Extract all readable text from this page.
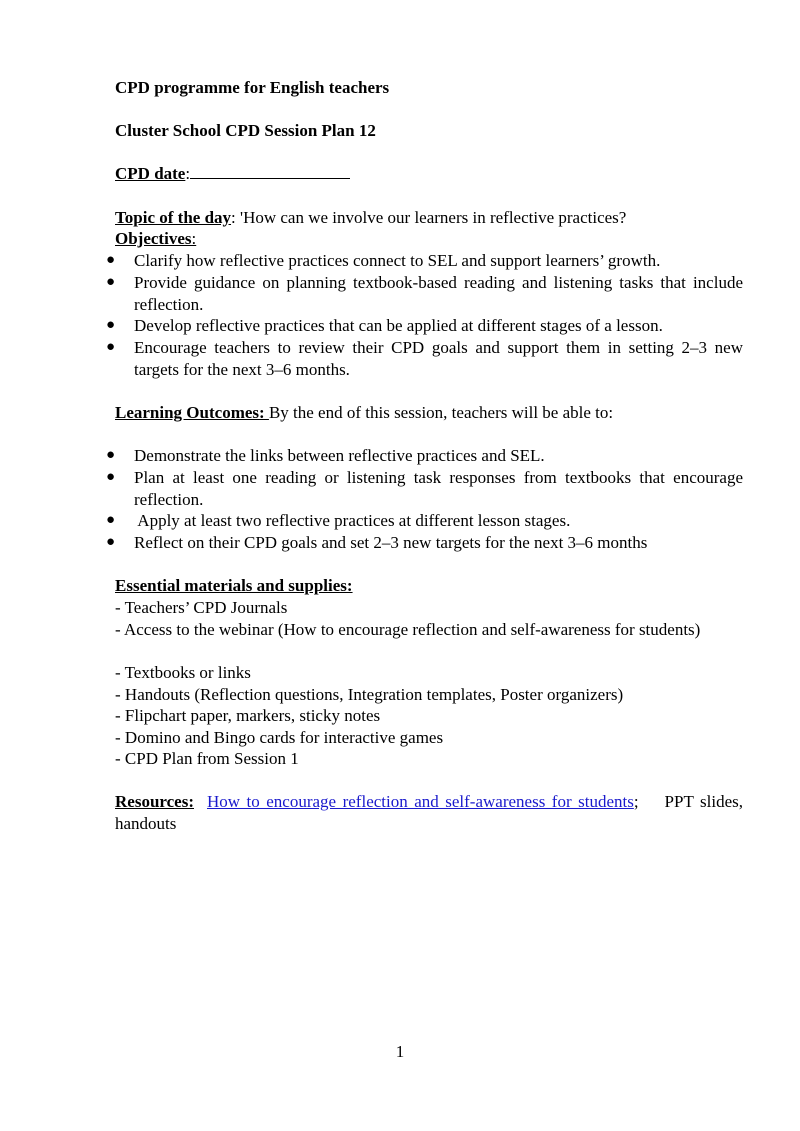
CPD programme for English teachers
Cluster School CPD Session Plan 12
CPD date:
Topic of the day: 'How can we involve our learners in reflective practices?
Objectives:
● Clarify how reflective practices connect to SEL and support learners’ growth.
● Provide guidance on planning textbook-based reading and listening tasks that include reflection.
● Develop reflective practices that can be applied at different stages of a lesson.
● Encourage teachers to review their CPD goals and support them in setting 2–3 new targets for the next 3–6 months.
Learning Outcomes: By the end of this session, teachers will be able to:
● Demonstrate the links between reflective practices and SEL.
● Plan at least one reading or listening task responses from textbooks that encourage reflection.
● Apply at least two reflective practices at different lesson stages.
● Reflect on their CPD goals and set 2–3 new targets for the next 3–6 months
Essential materials and supplies:
- Teachers’ CPD Journals
- Access to the webinar (How to encourage reflection and self-awareness for students)
- Textbooks or links
- Handouts (Reflection questions, Integration templates, Poster organizers)
- Flipchart paper, markers, sticky notes
- Domino and Bingo cards for interactive games
- CPD Plan from Session 1
Resources: How to encourage reflection and self-awareness for students;    PPT slides, handouts
1
